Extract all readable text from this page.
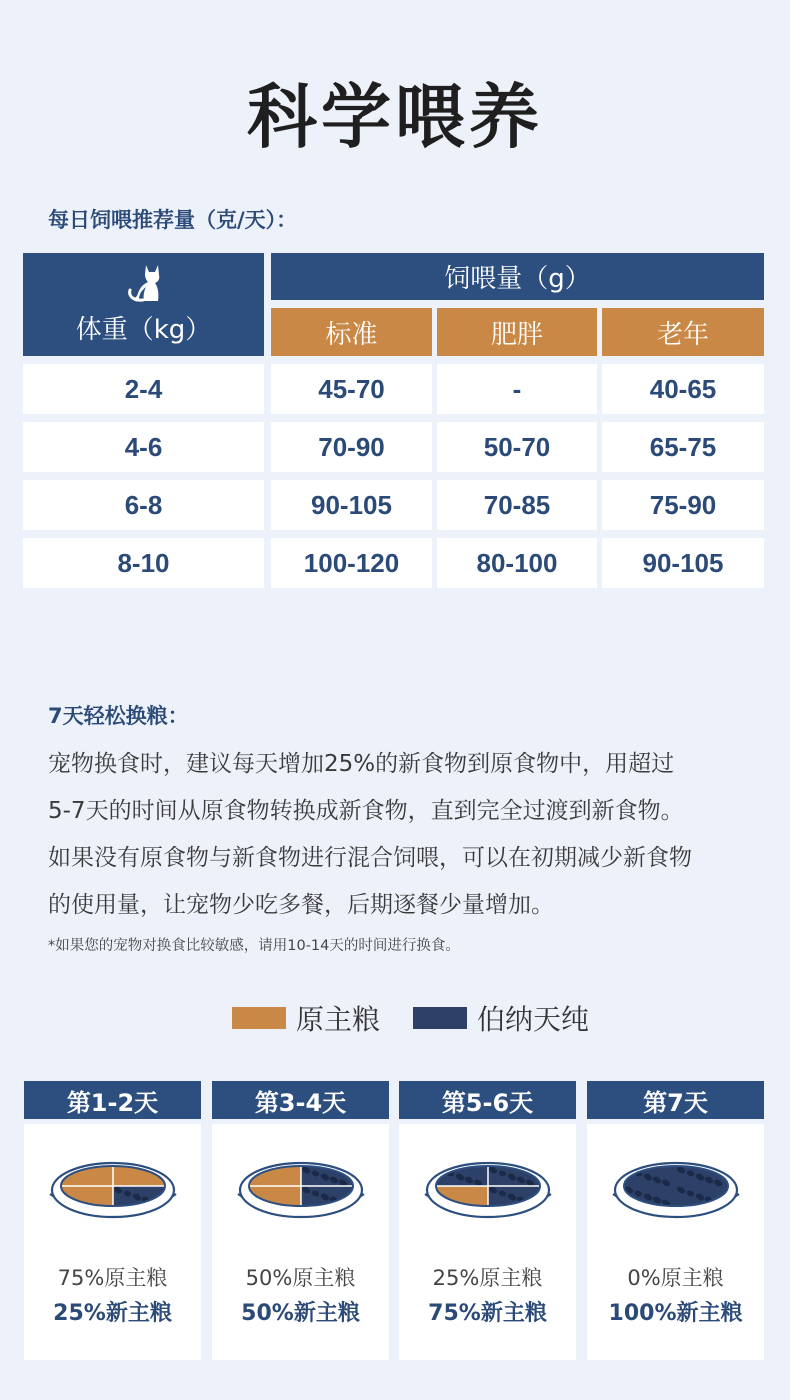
科学喂养
每日饲喂推荐量（克/天）：
体重（kg）
饲喂量（g）
标准	肥胖	老年
2-4	45-70	-	40-65
4-6	70-90	50-70	65-75
6-8	90-105	70-85	75-90
8-10	100-120	80-100	90-105
7天轻松换粮：
宠物换食时，建议每天增加25%的新食物到原食物中，用超过
5-7天的时间从原食物转换成新食物，直到完全过渡到新食物。
如果没有原食物与新食物进行混合饲喂，可以在初期减少新食物
的使用量，让宠物少吃多餐，后期逐餐少量增加。
*如果您的宠物对换食比较敏感，请用10-14天的时间进行换食。
原主粮	伯纳天纯
第1-2天	第3-4天	第5-6天	第7天
75%原主粮
25%新主粮
50%原主粮
50%新主粮
25%原主粮
75%新主粮
0%原主粮
100%新主粮
